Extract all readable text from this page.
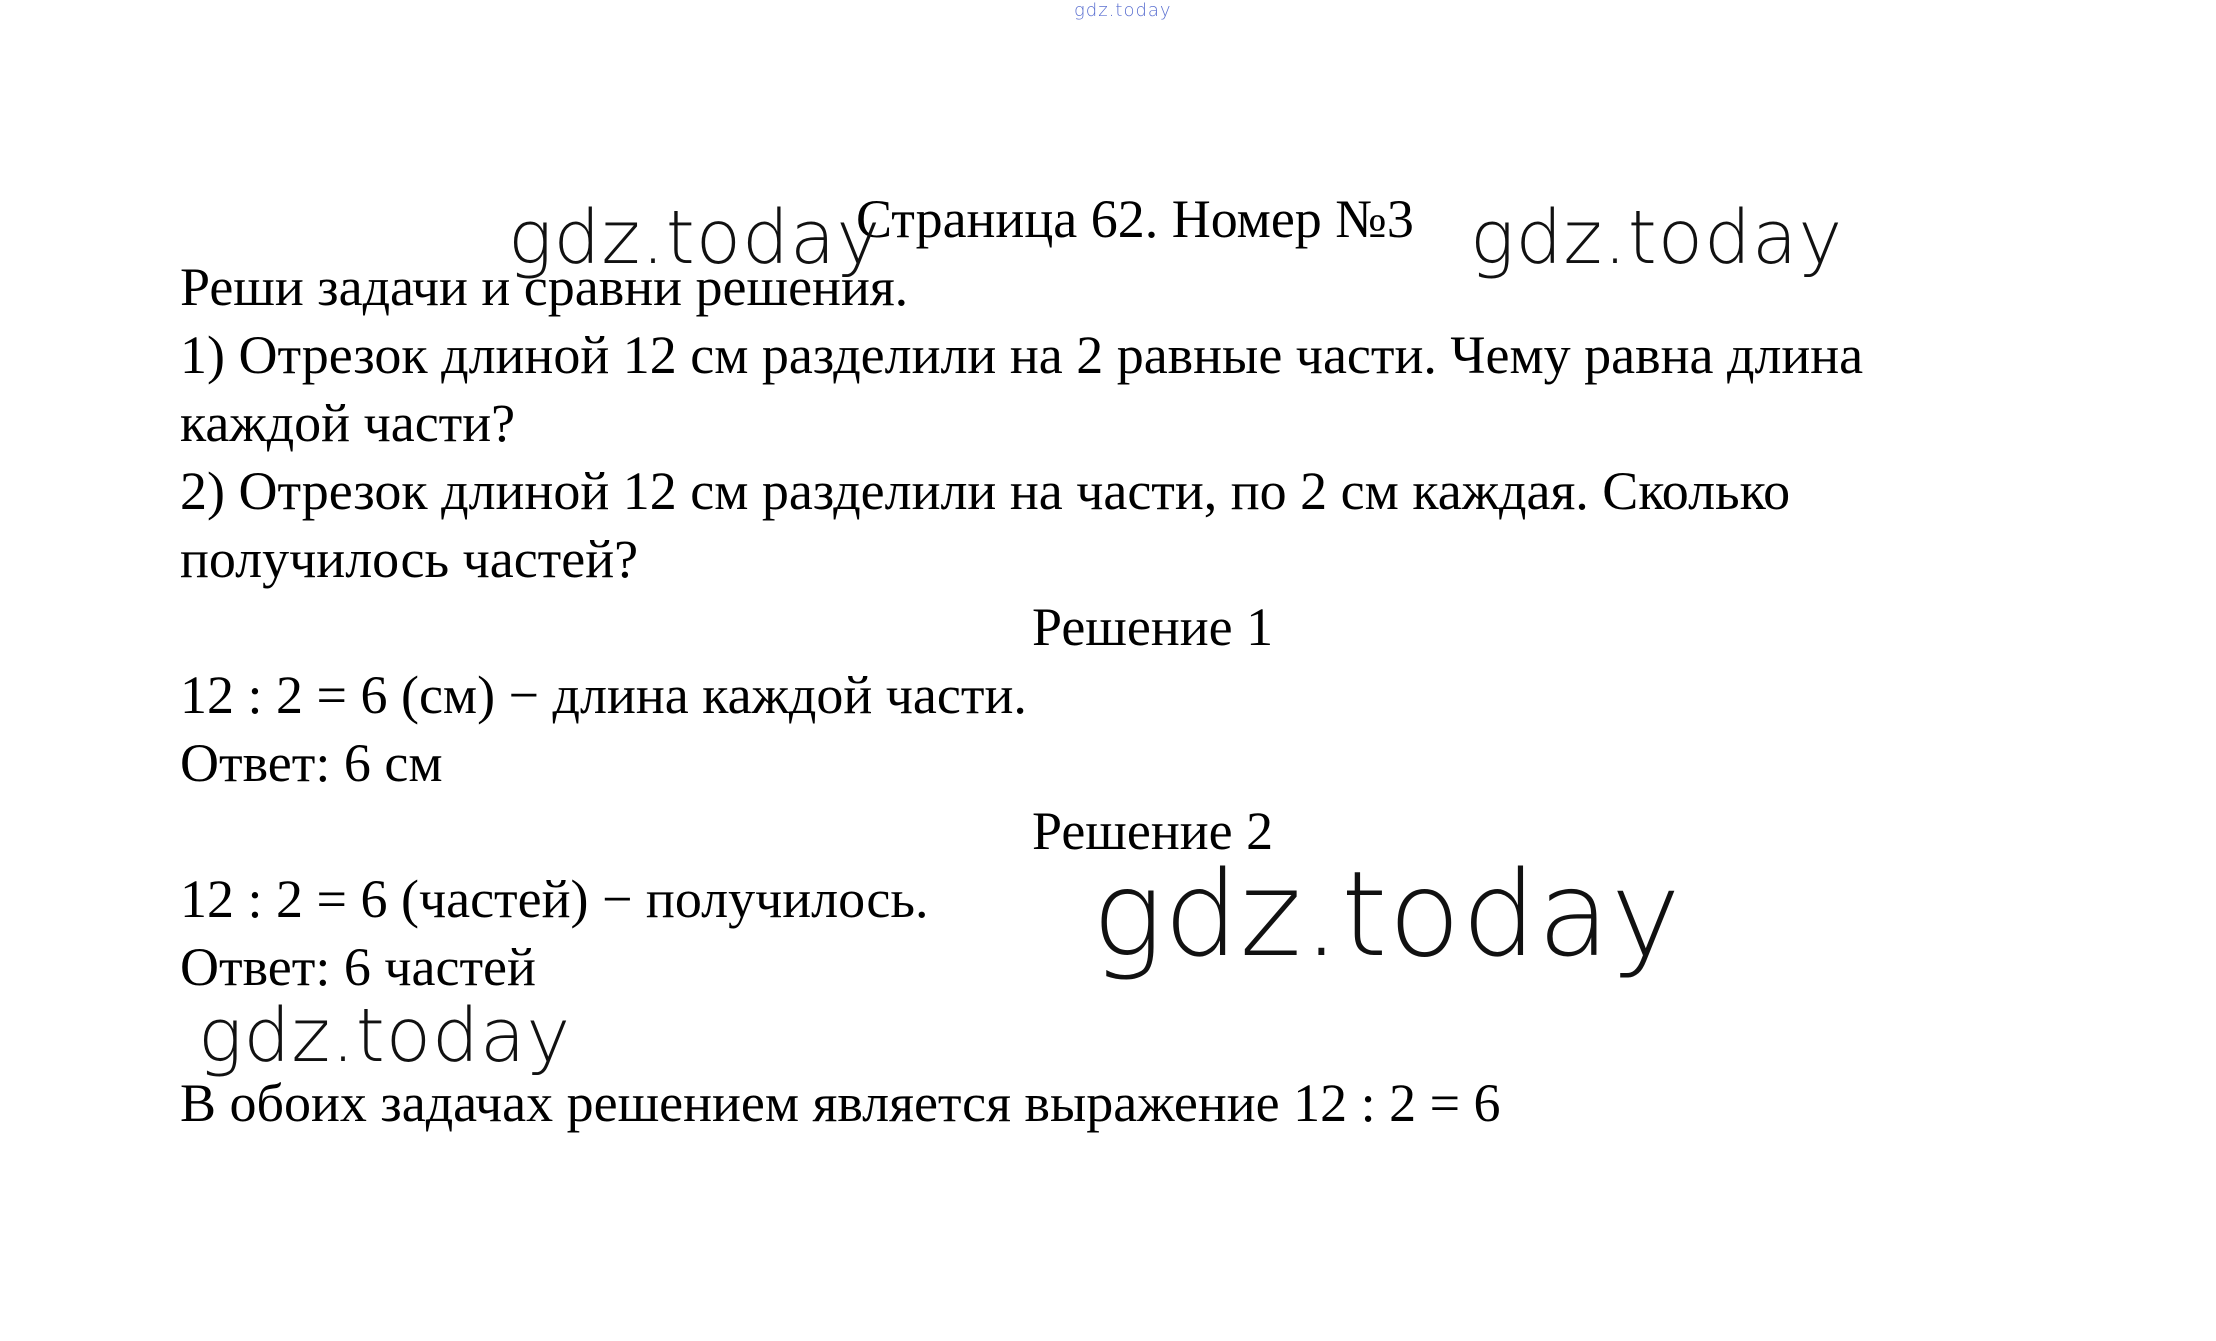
gdz.today
Страница 62. Номер №3
gdz.today	gdz.today
Реши задачи и сравни решения.
1) Отрезок длиной 12 см разделили на 2 равные части. Чему равна длина
каждой части?
2) Отрезок длиной 12 см разделили на части, по 2 см каждая. Сколько
получилось частей?
Решение 1
12 : 2 = 6 (см) − длина каждой части.
Ответ: 6 см
Решение 2
12 : 2 = 6 (частей) − получилось. gdz.today
Ответ: 6 частей
gdz.today
В обоих задачах решением является выражение 12 : 2 = 6
